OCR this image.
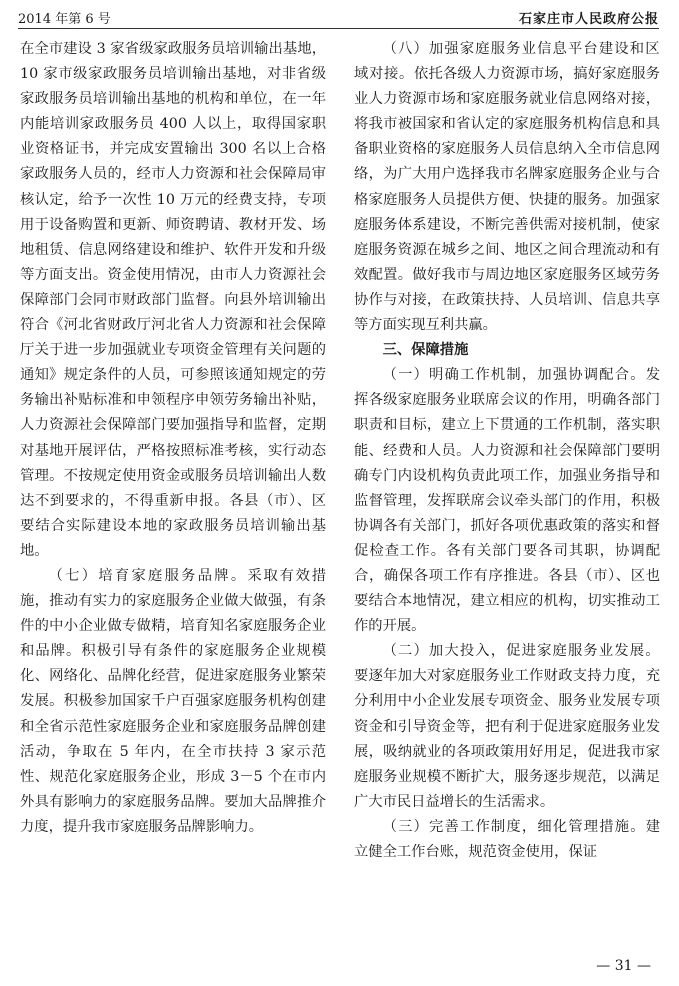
2014 年第 6 号	石家庄市人民政府公报

在全市建设 3 家省级家政服务员培训输出基地，10 家市级家政服务员培训输出基地，对非省级家政服务员培训输出基地的机构和单位，在一年内能培训家政服务员 400 人以上，取得国家职业资格证书，并完成安置输出 300 名以上合格家政服务人员的，经市人力资源和社会保障局审核认定，给予一次性 10 万元的经费支持，专项用于设备购置和更新、师资聘请、教材开发、场地租赁、信息网络建设和维护、软件开发和升级等方面支出。资金使用情况，由市人力资源社会保障部门会同市财政部门监督。向县外培训输出符合《河北省财政厅河北省人力资源和社会保障厅关于进一步加强就业专项资金管理有关问题的通知》规定条件的人员，可参照该通知规定的劳务输出补贴标准和申领程序申领劳务输出补贴，人力资源社会保障部门要加强指导和监督，定期对基地开展评估，严格按照标准考核，实行动态管理。不按规定使用资金或服务员培训输出人数达不到要求的，不得重新申报。各县（市）、区要结合实际建设本地的家政服务员培训输出基地。

（七）培育家庭服务品牌。采取有效措施，推动有实力的家庭服务企业做大做强，有条件的中小企业做专做精，培育知名家庭服务企业和品牌。积极引导有条件的家庭服务企业规模化、网络化、品牌化经营，促进家庭服务业繁荣发展。积极参加国家千户百强家庭服务机构创建和全省示范性家庭服务企业和家庭服务品牌创建活动，争取在 5 年内，在全市扶持 3 家示范性、规范化家庭服务企业，形成 3－5 个在市内外具有影响力的家庭服务品牌。要加大品牌推介力度，提升我市家庭服务品牌影响力。

（八）加强家庭服务业信息平台建设和区域对接。依托各级人力资源市场，搞好家庭服务业人力资源市场和家庭服务就业信息网络对接，将我市被国家和省认定的家庭服务机构信息和具备职业资格的家庭服务人员信息纳入全市信息网络，为广大用户选择我市名牌家庭服务企业与合格家庭服务人员提供方便、快捷的服务。加强家庭服务体系建设，不断完善供需对接机制，使家庭服务资源在城乡之间、地区之间合理流动和有效配置。做好我市与周边地区家庭服务区域劳务协作与对接，在政策扶持、人员培训、信息共享等方面实现互利共赢。

三、保障措施

（一）明确工作机制，加强协调配合。发挥各级家庭服务业联席会议的作用，明确各部门职责和目标，建立上下贯通的工作机制，落实职能、经费和人员。人力资源和社会保障部门要明确专门内设机构负责此项工作，加强业务指导和监督管理，发挥联席会议牵头部门的作用，积极协调各有关部门，抓好各项优惠政策的落实和督促检查工作。各有关部门要各司其职，协调配合，确保各项工作有序推进。各县（市）、区也要结合本地情况，建立相应的机构，切实推动工作的开展。

（二）加大投入，促进家庭服务业发展。要逐年加大对家庭服务业工作财政支持力度，充分利用中小企业发展专项资金、服务业发展专项资金和引导资金等，把有利于促进家庭服务业发展，吸纳就业的各项政策用好用足，促进我市家庭服务业规模不断扩大，服务逐步规范，以满足广大市民日益增长的生活需求。

（三）完善工作制度，细化管理措施。建立健全工作台账，规范资金使用，保证

— 31 —
